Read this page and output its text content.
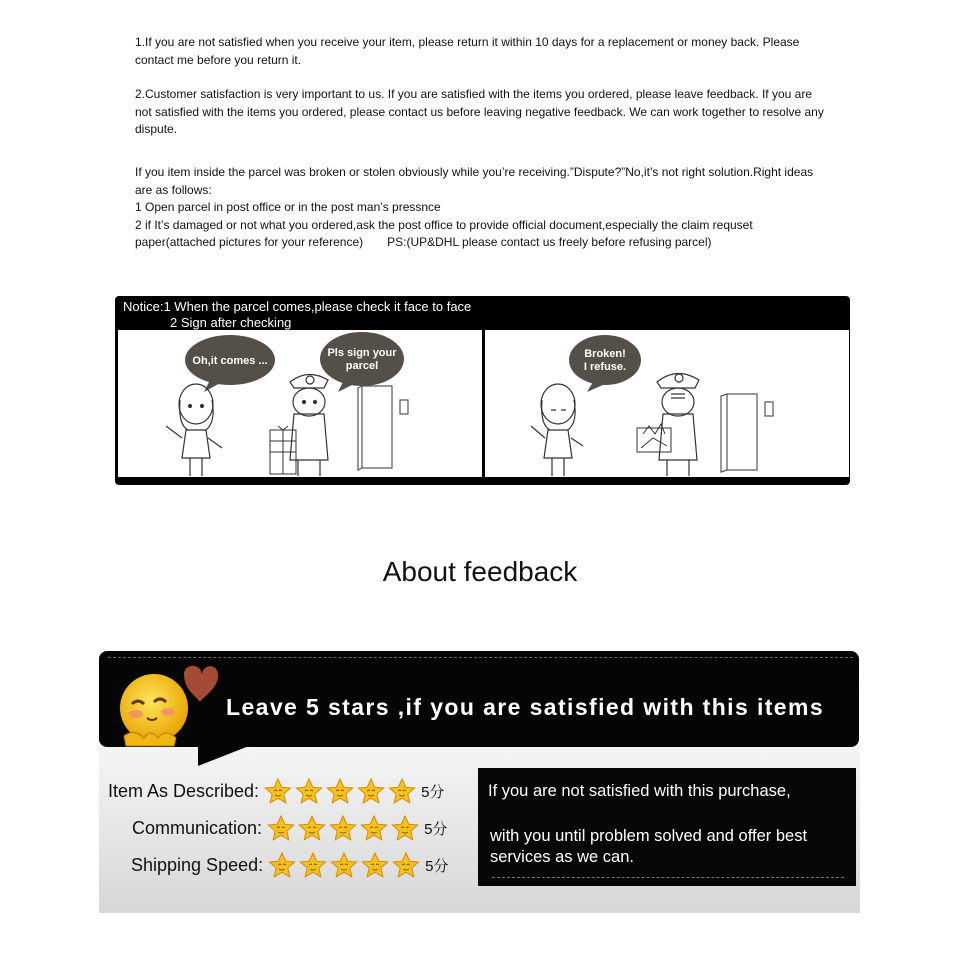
1.If you are not satisfied when you receive your item, please return it within 10 days for a replacement or money back. Please contact me before you return it.

2.Customer satisfaction is very important to us. If you are satisfied with the items you ordered, please leave feedback. If you are not satisfied with the items you ordered, please contact us before leaving negative feedback. We can work together to resolve any dispute.

If you item inside the parcel was broken or stolen obviously while you’re receiving.”Dispute?”No,it’s not right solution.Right ideas are as follows:

1 Open parcel in post office or in the post man’s pressnce

2 if It’s damaged or not what you ordered,ask the post office to provide official document,especially the claim requset paper(attached pictures for your reference) PS:(UP&DHL please contact us freely before refusing parcel)

Notice:1 When the parcel comes,please check it face to face
2 Sign after checking
Oh,it comes ...
Pls sign your
parcel
Broken!
I refuse.
About feedback
Leave 5 stars ,if you are satisfied with this items
Item As Described:	5分
Communication:	5分
Shipping Speed:	5分
If you are not satisfied with this purchase,
with you until problem solved and offer best services as we can.
